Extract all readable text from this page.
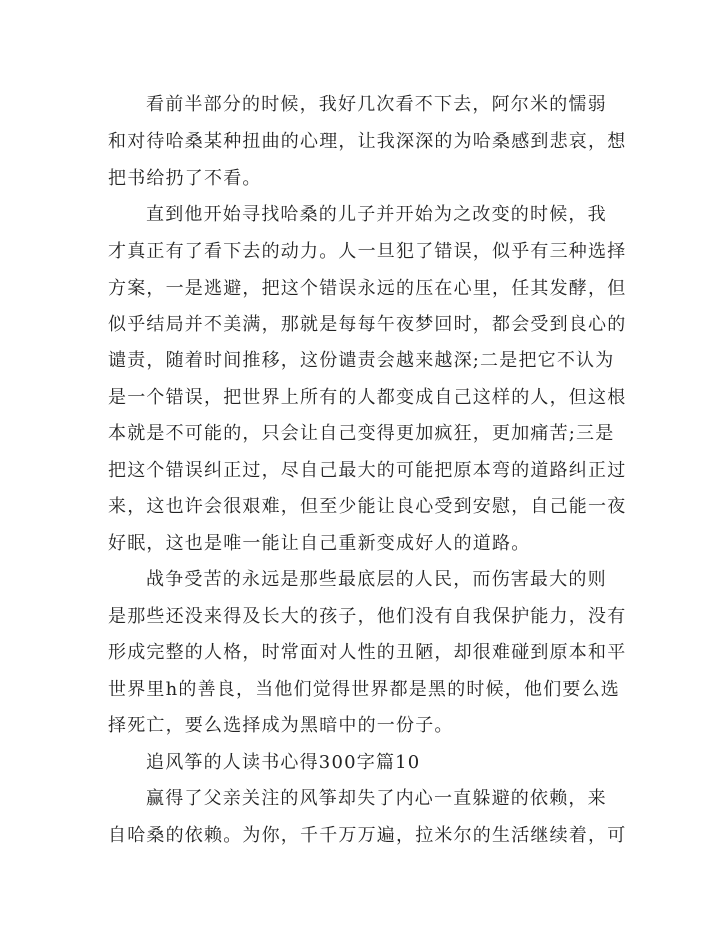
看前半部分的时候，我好几次看不下去，阿尔米的懦弱
和对待哈桑某种扭曲的心理，让我深深的为哈桑感到悲哀，想
把书给扔了不看。
直到他开始寻找哈桑的儿子并开始为之改变的时候，我
才真正有了看下去的动力。人一旦犯了错误，似乎有三种选择
方案，一是逃避，把这个错误永远的压在心里，任其发酵，但
似乎结局并不美满，那就是每每午夜梦回时，都会受到良心的
谴责，随着时间推移，这份谴责会越来越深;二是把它不认为
是一个错误，把世界上所有的人都变成自己这样的人，但这根
本就是不可能的，只会让自己变得更加疯狂，更加痛苦;三是
把这个错误纠正过，尽自己最大的可能把原本弯的道路纠正过
来，这也许会很艰难，但至少能让良心受到安慰，自己能一夜
好眠，这也是唯一能让自己重新变成好人的道路。
战争受苦的永远是那些最底层的人民，而伤害最大的则
是那些还没来得及长大的孩子，他们没有自我保护能力，没有
形成完整的人格，时常面对人性的丑陋，却很难碰到原本和平
世界里h的善良，当他们觉得世界都是黑的时候，他们要么选
择死亡，要么选择成为黑暗中的一份子。
追风筝的人读书心得300字篇10
赢得了父亲关注的风筝却失了内心一直躲避的依赖，来
自哈桑的依赖。为你，千千万万遍，拉米尔的生活继续着，可
